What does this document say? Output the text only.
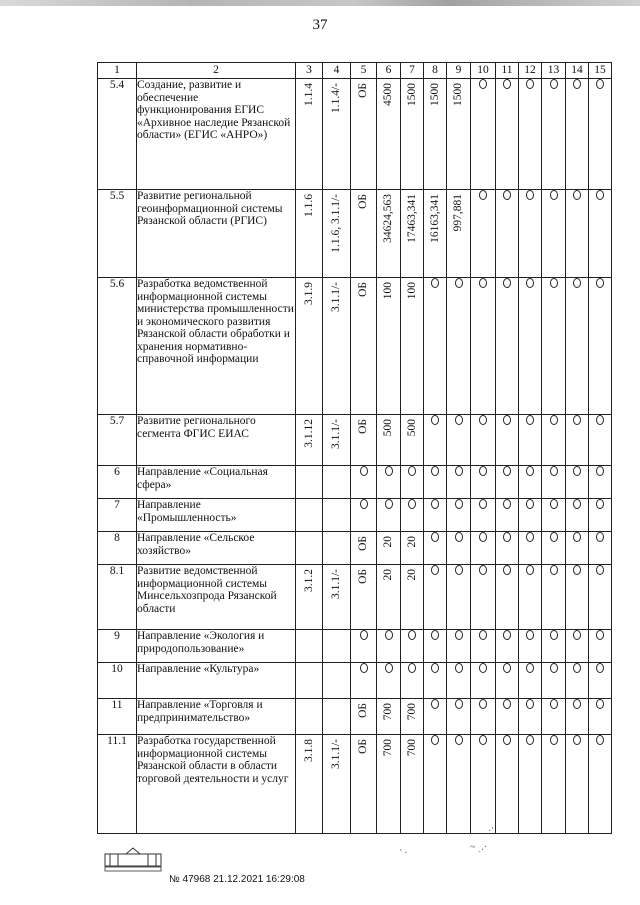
37
1	2	3	4	5	6	7	8	9	10	11	12	13	14	15
5.4	Создание, развитие и обеспечение функционирования ЕГИС «Архивное наследие Рязанской области» (ЕГИС «АНРО»)	1.1.4	1.1.4/-	ОБ	4500	1500	1500	1500						
5.5	Развитие региональной геоинформационной системы Рязанской области (РГИС)	1.1.6	1.1.6, 3.1.1/-	ОБ	34624,563	17463,341	16163,341	997,881						
5.6	Разработка ведомственной информационной системы министерства промышленности и экономического развития Рязанской области обработки и хранения нормативно-справочной информации	3.1.9	3.1.1/-	ОБ	100	100								
5.7	Развитие регионального сегмента ФГИС ЕИАС	3.1.12	3.1.1/-	ОБ	500	500								
6	Направление «Социальная сфера»													
7	Направление «Промышленность»													
8	Направление «Сельское хозяйство»			ОБ	20	20								
8.1	Развитие ведомственной информационной системы Минсельхозпрода Рязанской области	3.1.2	3.1.1/-	ОБ	20	20								
9	Направление «Экология и природопользование»													
10	Направление «Культура»													
11	Направление «Торговля и предпринимательство»			ОБ	700	700								
11.1	Разработка государственной информационной системы Рязанской области в области торговой деятельности и услуг	3.1.8	3.1.1/-	ОБ	700	700								
№ 47968 21.12.2021 16:29:08
·'
~ ˎ.·
' ·
